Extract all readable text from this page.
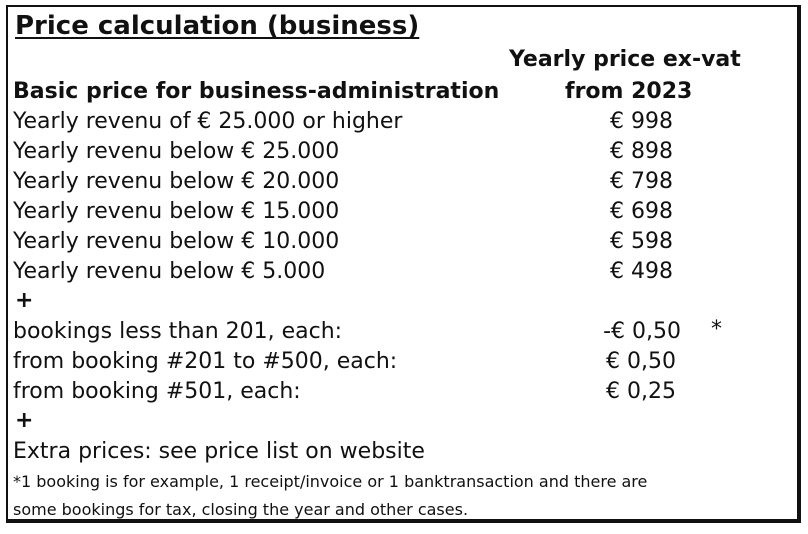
Price calculation (business)
Yearly price ex-vat
Basic price for business-administration	from 2023
Yearly revenu of € 25.000 or higher	€ 998
Yearly revenu below € 25.000	€ 898
Yearly revenu below € 20.000	€ 798
Yearly revenu below € 15.000	€ 698
Yearly revenu below € 10.000	€ 598
Yearly revenu below € 5.000	€ 498
+
bookings less than 201, each:	-€ 0,50 *
from booking #201 to #500, each:	€ 0,50
from booking #501, each:	€ 0,25
+
Extra prices: see price list on website
*1 booking is for example, 1 receipt/invoice or 1 banktransaction and there are
some bookings for tax, closing the year and other cases.
